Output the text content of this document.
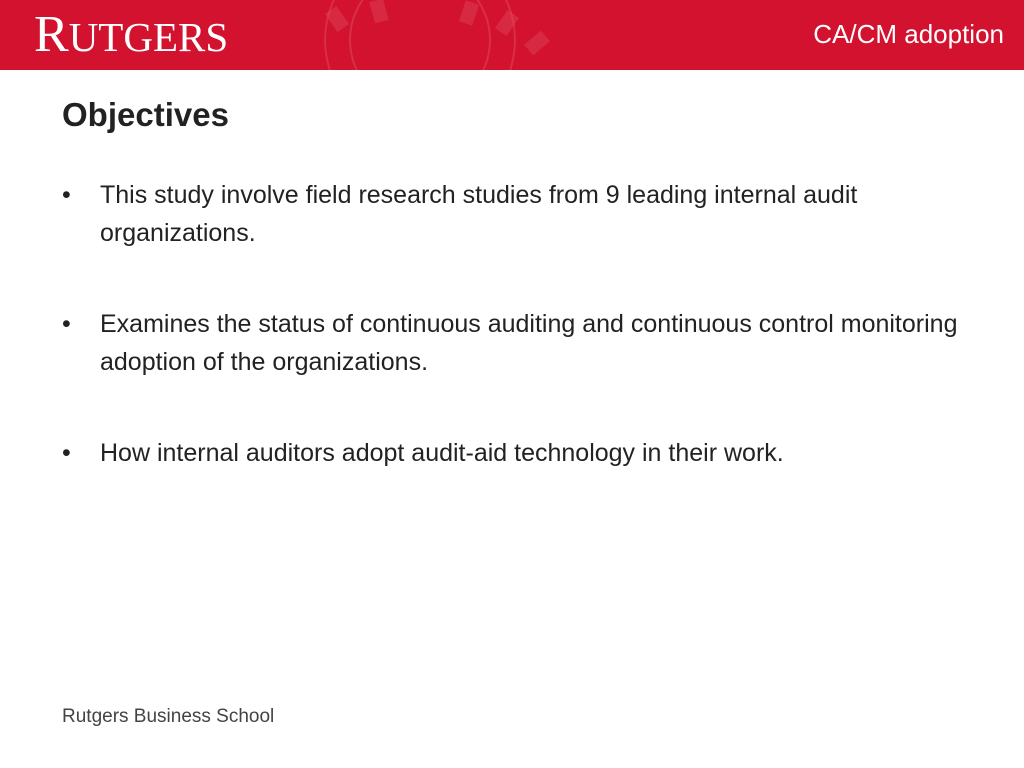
RUTGERS	CA/CM adoption
Objectives
• This study involve field research studies from 9 leading internal audit organizations.
• Examines the status of continuous auditing and continuous control monitoring adoption of the organizations.
• How internal auditors adopt audit-aid technology in their work.
Rutgers Business School
